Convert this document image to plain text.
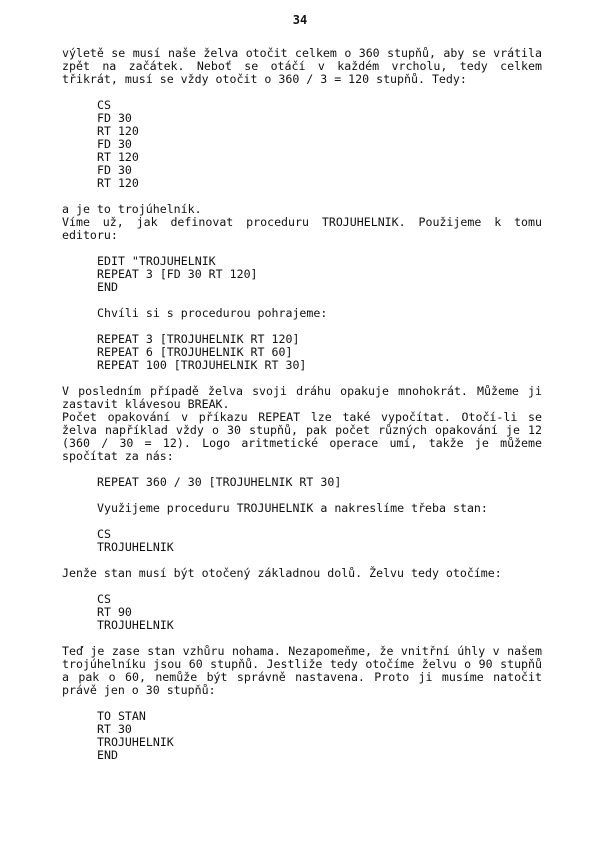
34

výletě se musí naše želva otočit celkem o 360 stupňů, aby se vrátila zpět na začátek. Neboť se otáčí v každém vrcholu, tedy celkem třikrát, musí se vždy otočit o 360 / 3 = 120 stupňů. Tedy:

CS
FD 30
RT 120
FD 30
RT 120
FD 30
RT 120

a je to trojúhelník.

Víme už, jak definovat proceduru TROJUHELNIK. Použijeme k tomu editoru:

EDIT "TROJUHELNIK
REPEAT 3 [FD 30 RT 120]
END
Chvíli si s procedurou pohrajeme:
REPEAT 3 [TROJUHELNIK RT 120]
REPEAT 6 [TROJUHELNIK RT 60]
REPEAT 100 [TROJUHELNIK RT 30]

V posledním případě želva svoji dráhu opakuje mnohokrát. Můžeme ji zastavit klávesou BREAK.

Počet opakování v příkazu REPEAT lze také vypočítat. Otočí-li se želva například vždy o 30 stupňů, pak počet různých opakování je 12 (360 / 30 = 12). Logo aritmetické operace umí, takže je můžeme spočítat za nás:

REPEAT 360 / 30 [TROJUHELNIK RT 30]
Využijeme proceduru TROJUHELNIK a nakreslíme třeba stan:
CS
TROJUHELNIK

Jenže stan musí být otočený základnou dolů. Želvu tedy otočíme:

CS
RT 90
TROJUHELNIK

Teď je zase stan vzhůru nohama. Nezapomeňme, že vnitřní úhly v našem trojúhelníku jsou 60 stupňů. Jestliže tedy otočíme želvu o 90 stupňů a pak o 60, nemůže být správně nastavena. Proto ji musíme natočit právě jen o 30 stupňů:

TO STAN
RT 30
TROJUHELNIK
END
